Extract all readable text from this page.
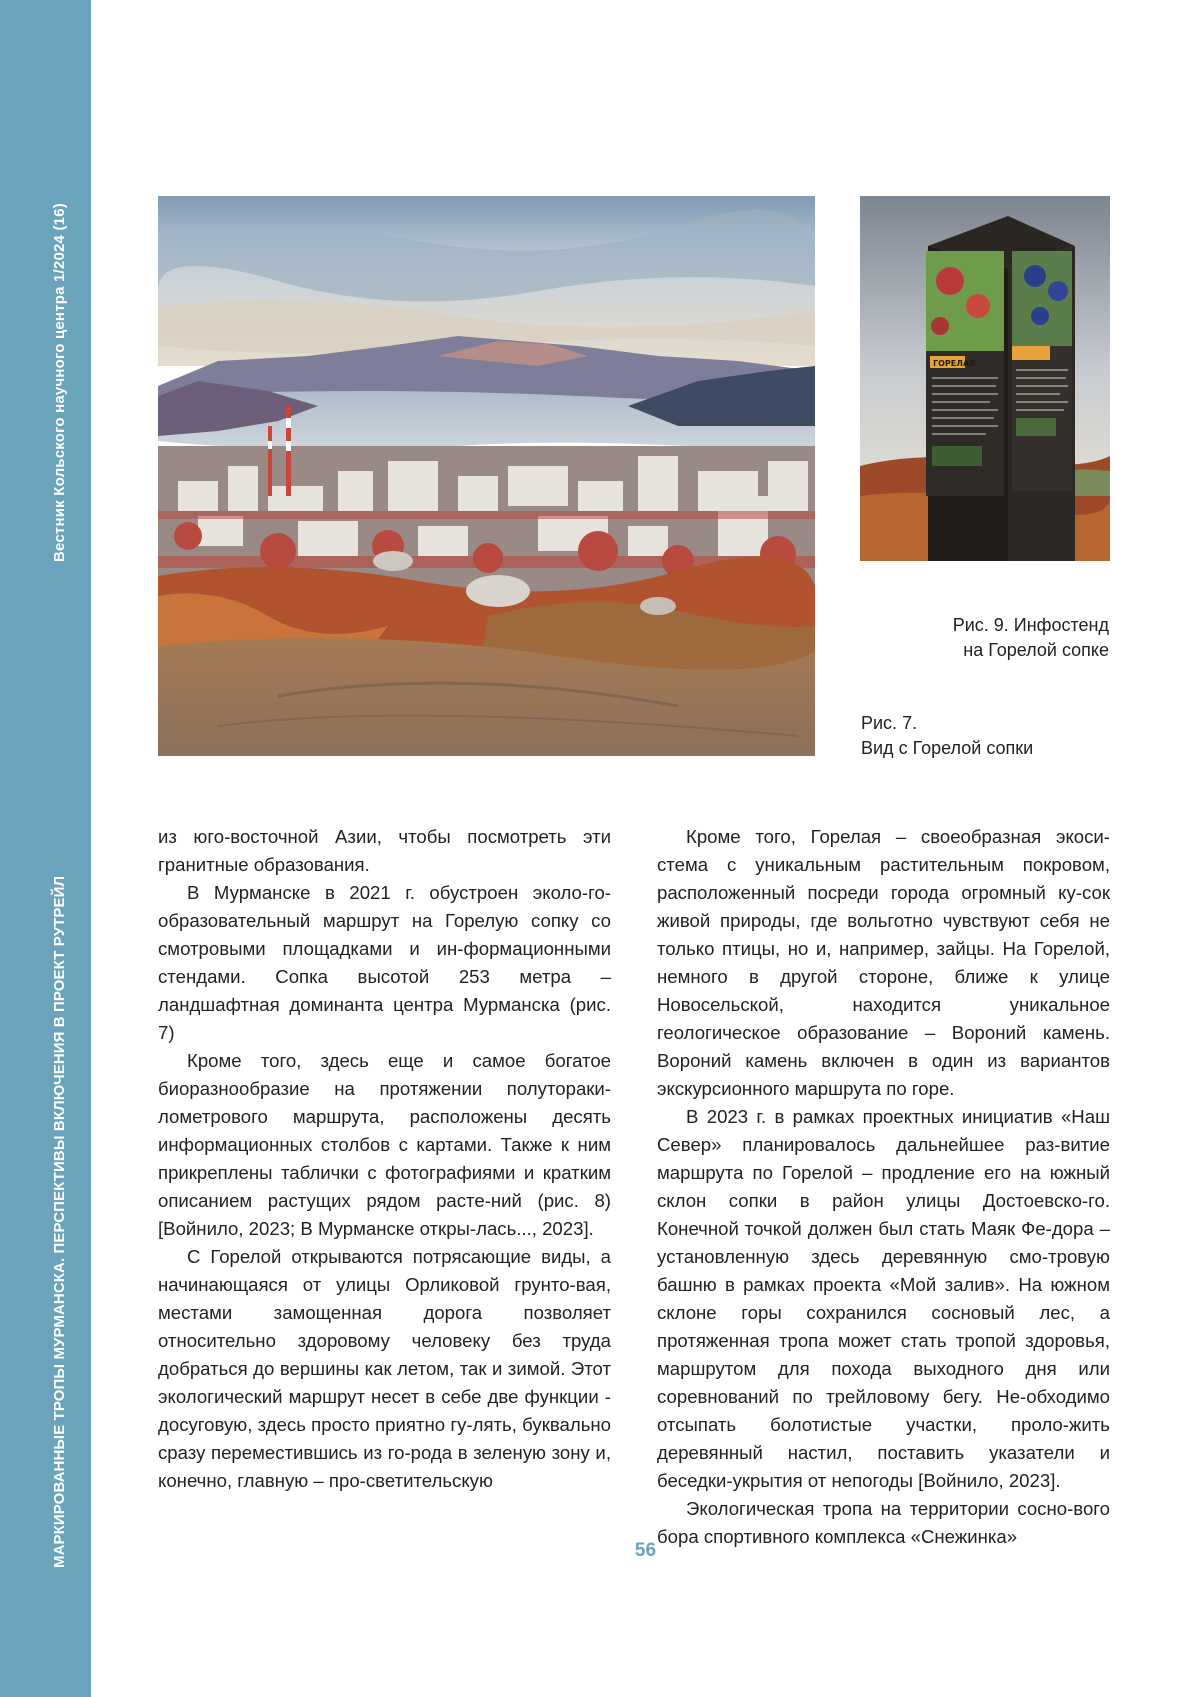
Вестник Кольского научного центра 1/2024 (16)
МАРКИРОВАННЫЕ ТРОПЫ МУРМАНСКА. ПЕРСПЕКТИВЫ ВКЛЮЧЕНИЯ В ПРОЕКТ РУТРЕЙЛ
ГОРЕЛАЯ
Рис. 9. Инфостенд
на Горелой сопке
Рис. 7.
Вид с Горелой сопки

из юго-восточной Азии, чтобы посмотреть эти гранитные образования.

В Мурманске в 2021 г. обустроен эколо-го-образовательный маршрут на Горелую сопку со смотровыми площадками и ин-формационными стендами. Сопка высотой 253 метра – ландшафтная доминанта центра Мурманска (рис. 7)

Кроме того, здесь еще и самое богатое биоразнообразие на протяжении полуторaки-лометрового маршрута, расположены десять информационных столбов с картами. Также к ним прикреплены таблички с фотографиями и кратким описанием растущих рядом расте-ний (рис. 8) [Войнило, 2023; В Мурманске откры-лась..., 2023].

С Горелой открываются потрясающие виды, а начинающаяся от улицы Орликовой грунто-вая, местами замощенная дорога позволяет относительно здоровому человеку без труда добраться до вершины как летом, так и зимой. Этот экологический маршрут несет в себе две функции - досуговую, здесь просто приятно гу-лять, буквально сразу переместившись из го-рода в зеленую зону и, конечно, главную – про-светительскую

Кроме того, Горелая – своеобразная экоси-стема с уникальным растительным покровом, расположенный посреди города огромный ку-сок живой природы, где вольготно чувствуют себя не только птицы, но и, например, зайцы. На Горелой, немного в другой стороне, ближе к улице Новосельской, находится уникальное геологическое образование – Вороний камень. Вороний камень включен в один из вариантов экскурсионного маршрута по горе.

В 2023 г. в рамках проектных инициатив «Наш Север» планировалось дальнейшее раз-витие маршрута по Горелой – продление его на южный склон сопки в район улицы Достоевско-го. Конечной точкой должен был стать Маяк Фе-дора – установленную здесь деревянную смо-тровую башню в рамках проекта «Мой залив». На южном склоне горы сохранился сосновый лес, а протяженная тропа может стать тропой здоровья, маршрутом для похода выходного дня или соревнований по трейловому бегу. Не-обходимо отсыпать болотистые участки, проло-жить деревянный настил, поставить указатели и беседки-укрытия от непогоды [Войнило, 2023].

Экологическая тропа на территории сосно-вого бора спортивного комплекса «Снежинка»

56
